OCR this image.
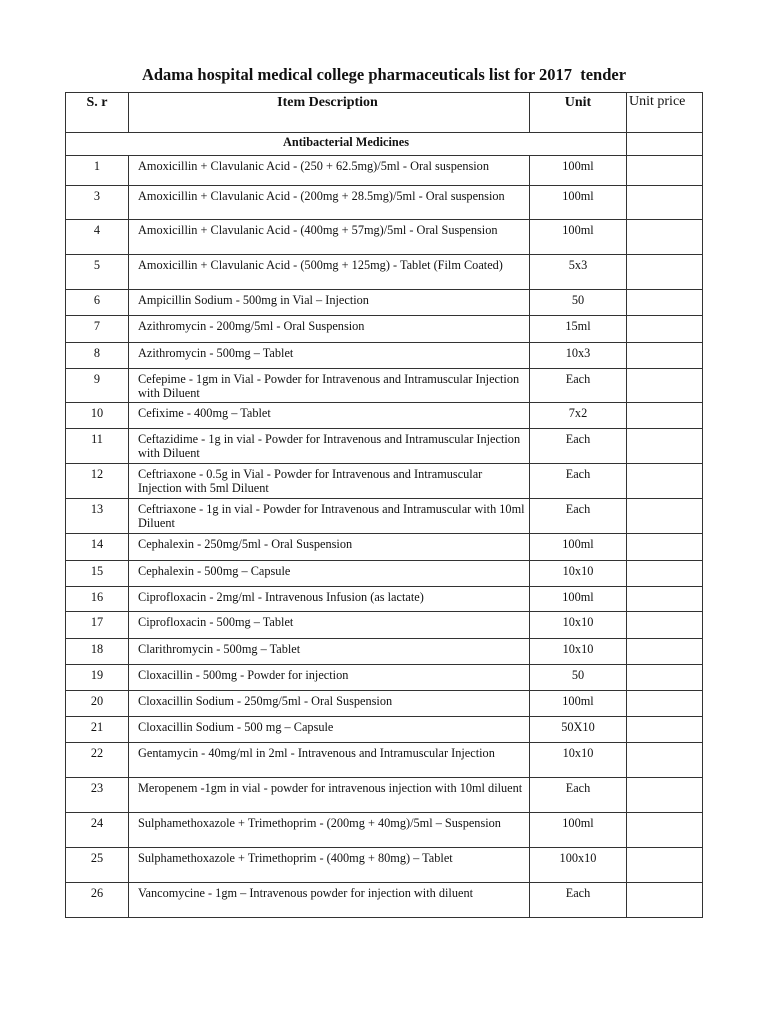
Adama hospital medical college pharmaceuticals list for 2017  tender
S. r	Item Description	Unit	Unit price
Antibacterial Medicines			
1	Amoxicillin + Clavulanic Acid - (250 + 62.5mg)/5ml - Oral suspension	100ml	
3	Amoxicillin + Clavulanic Acid - (200mg + 28.5mg)/5ml - Oral suspension	100ml	
4	Amoxicillin + Clavulanic Acid - (400mg + 57mg)/5ml - Oral Suspension	100ml	
5	Amoxicillin + Clavulanic Acid - (500mg + 125mg) - Tablet (Film Coated)	5x3	
6	Ampicillin Sodium - 500mg in Vial – Injection	50	
7	Azithromycin - 200mg/5ml - Oral Suspension	15ml	
8	Azithromycin - 500mg – Tablet	10x3	
9	Cefepime - 1gm in Vial - Powder for Intravenous and Intramuscular Injection with Diluent	Each	
10	Cefixime - 400mg – Tablet	7x2	
11	Ceftazidime - 1g in vial - Powder for Intravenous and Intramuscular Injection with Diluent	Each	
12	Ceftriaxone - 0.5g in Vial - Powder for Intravenous and Intramuscular Injection with 5ml Diluent	Each	
13	Ceftriaxone - 1g in vial - Powder for Intravenous and Intramuscular with 10ml Diluent	Each	
14	Cephalexin - 250mg/5ml - Oral Suspension	100ml	
15	Cephalexin - 500mg – Capsule	10x10	
16	Ciprofloxacin - 2mg/ml - Intravenous Infusion (as lactate)	100ml	
17	Ciprofloxacin - 500mg – Tablet	10x10	
18	Clarithromycin - 500mg – Tablet	10x10	
19	Cloxacillin - 500mg - Powder for injection	50	
20	Cloxacillin Sodium - 250mg/5ml - Oral Suspension	100ml	
21	Cloxacillin Sodium - 500 mg – Capsule	50X10	
22	Gentamycin - 40mg/ml in 2ml - Intravenous and Intramuscular Injection	10x10	
23	Meropenem -1gm in vial - powder for intravenous injection with 10ml diluent	Each	
24	Sulphamethoxazole + Trimethoprim - (200mg + 40mg)/5ml – Suspension	100ml	
25	Sulphamethoxazole + Trimethoprim - (400mg + 80mg) – Tablet	100x10	
26	Vancomycine - 1gm – Intravenous powder for injection with diluent	Each	
